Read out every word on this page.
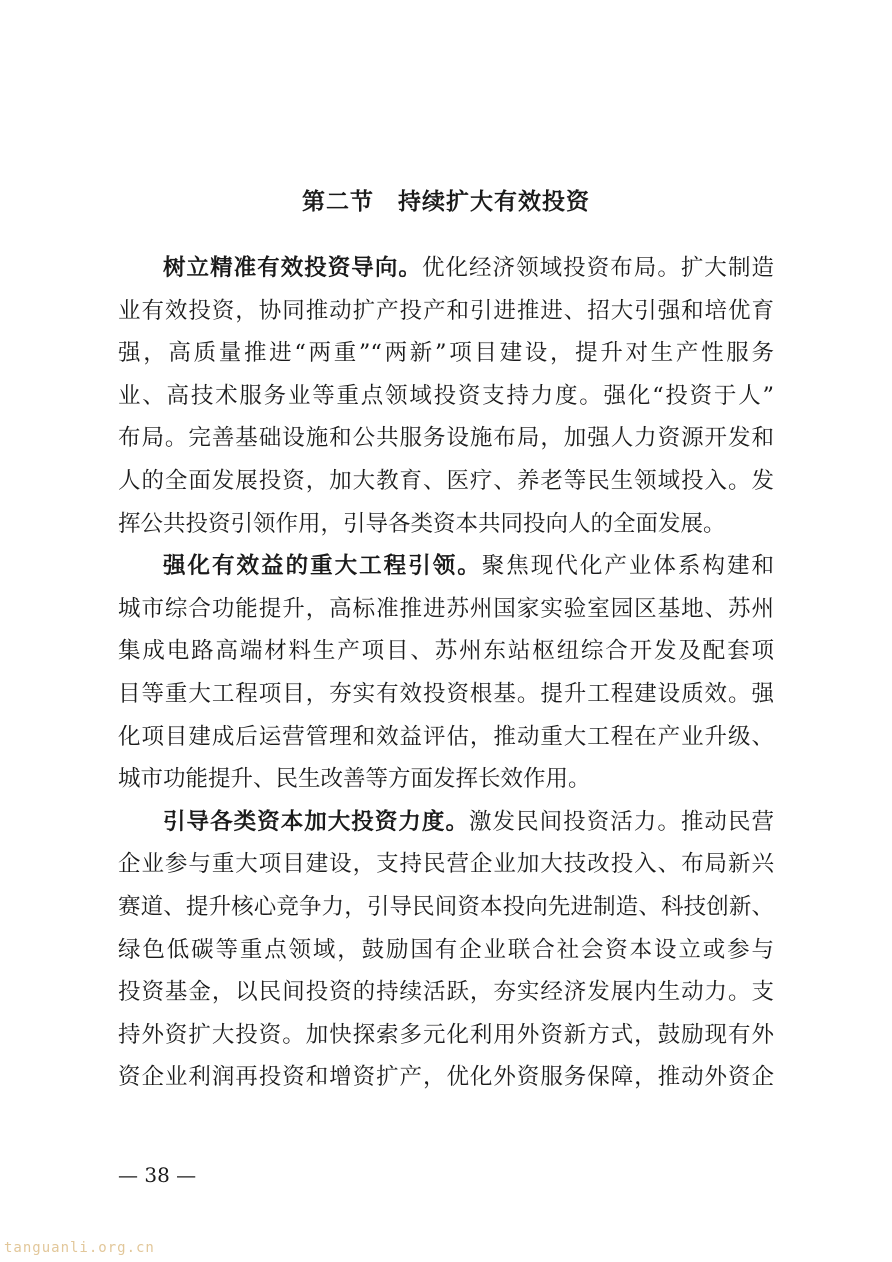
第二节　持续扩大有效投资
树立精准有效投资导向。优化经济领域投资布局。扩大制造
业有效投资，协同推动扩产投产和引进推进、招大引强和培优育
强，高质量推进“两重”“两新”项目建设，提升对生产性服务
业、高技术服务业等重点领域投资支持力度。强化“投资于人”
布局。完善基础设施和公共服务设施布局，加强人力资源开发和
人的全面发展投资，加大教育、医疗、养老等民生领域投入。发
挥公共投资引领作用，引导各类资本共同投向人的全面发展。
强化有效益的重大工程引领。聚焦现代化产业体系构建和
城市综合功能提升，高标准推进苏州国家实验室园区基地、苏州
集成电路高端材料生产项目、苏州东站枢纽综合开发及配套项
目等重大工程项目，夯实有效投资根基。提升工程建设质效。强
化项目建成后运营管理和效益评估，推动重大工程在产业升级、
城市功能提升、民生改善等方面发挥长效作用。
引导各类资本加大投资力度。激发民间投资活力。推动民营
企业参与重大项目建设，支持民营企业加大技改投入、布局新兴
赛道、提升核心竞争力，引导民间资本投向先进制造、科技创新、
绿色低碳等重点领域，鼓励国有企业联合社会资本设立或参与
投资基金，以民间投资的持续活跃，夯实经济发展内生动力。支
持外资扩大投资。加快探索多元化利用外资新方式，鼓励现有外
资企业利润再投资和增资扩产，优化外资服务保障，推动外资企
— 38 —
tanguanli.org.cn
